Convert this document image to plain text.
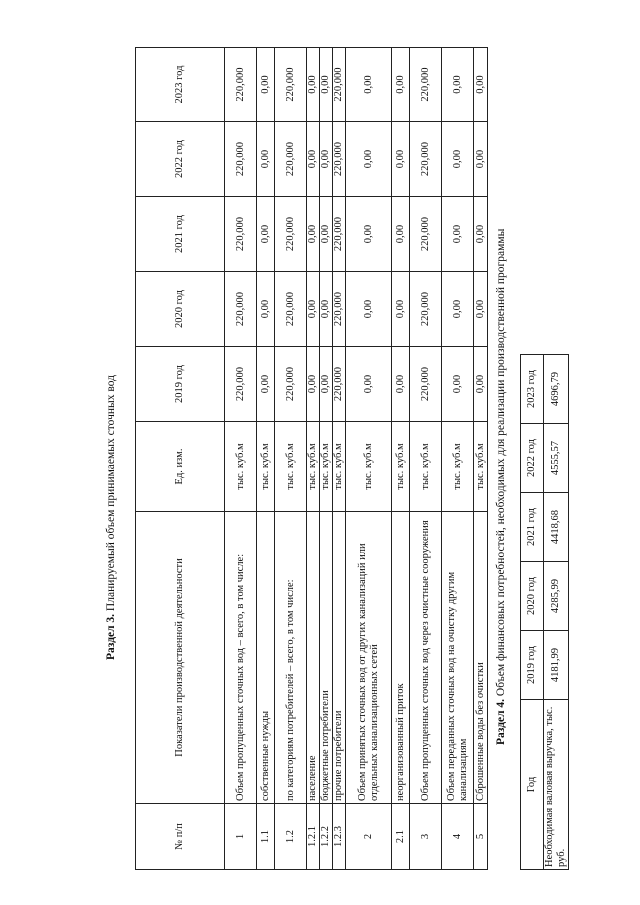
Раздел 3. Планируемый объем принимаемых сточных вод
№ п/п	Показатели производственной деятельности	Ед. изм.	2019 год	2020 год	2021 год	2022 год	2023 год
1	Объем пропущенных сточных вод – всего, в том числе:	тыс. куб.м	220,000	220,000	220,000	220,000	220,000
1.1	собственные нужды	тыс. куб.м	0,00	0,00	0,00	0,00	0,00
1.2	по категориям потребителей – всего, в том числе:	тыс. куб.м	220,000	220,000	220,000	220,000	220,000
1.2.1	население	тыс. куб.м	0,00	0,00	0,00	0,00	0,00
1.2.2	бюджетные потребители	тыс. куб.м	0,00	0,00	0,00	0,00	0,00
1.2.3	прочие потребители	тыс. куб.м	220,000	220,000	220,000	220,000	220,000
2	Объем принятых сточных вод от других канализаций или отдельных канализационных сетей	тыс. куб.м	0,00	0,00	0,00	0,00	0,00
2.1	неорганизованный приток	тыс. куб.м	0,00	0,00	0,00	0,00	0,00
3	Объем пропущенных сточных вод через очистные сооружения	тыс. куб.м	220,000	220,000	220,000	220,000	220,000
4	Объем переданных сточных вод на очистку другим канализациям	тыс. куб.м	0,00	0,00	0,00	0,00	0,00
5	Сброшенные воды без очистки	тыс. куб.м	0,00	0,00	0,00	0,00	0,00
Раздел 4. Объем финансовых потребностей, необходимых для реализации производственной программы
Год	2019 год	2020 год	2021 год	2022 год	2023 год
Необходимая валовая выручка, тыс. руб.	4181,99	4285,99	4418,68	4555,57	4696,79
